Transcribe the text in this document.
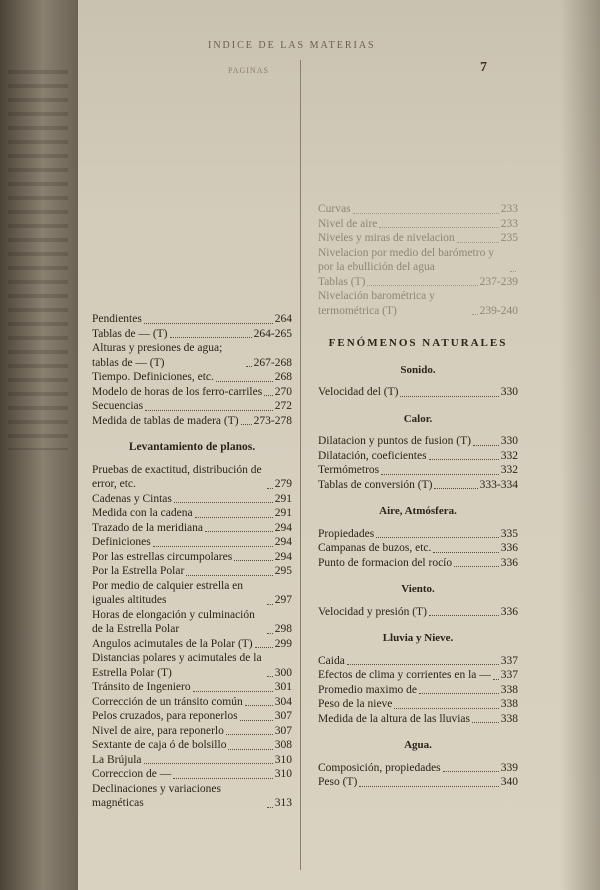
INDICE DE LAS MATERIAS
7
PAGINAS
Pendientes	264
Tablas de — (T)	264-265
Alturas y presiones de agua; tablas de — (T)	267-268
Tiempo. Definiciones, etc.	268
Modelo de horas de los ferro-carriles 270
Secuencias	272
Medida de tablas de madera (T) 273-278
Levantamiento de planos.
Pruebas de exactitud, distribución de error, etc.	279
Cadenas y Cintas	291
Medida con la cadena	291
Trazado de la meridiana	294
Definiciones	294
Por las estrellas circumpolares	294
Por la Estrella Polar	295
Por medio de calquier estrella en iguales altitudes	297
Horas de elongación y culminación de la Estrella Polar	298
Angulos acimutales de la Polar (T) 299
Distancias polares y acimutales de la Estrella Polar (T)	300
Tránsito de Ingeniero	301
Corrección de un tránsito común	304
Pelos cruzados, para reponerlos	307
Nivel de aire, para reponerlo	307
Sextante de caja ó de bolsillo	308
La Brújula	310
Correccion de —	310
Declinaciones y variaciones magnéticas	313
Curvas	233
Nivel de aire	233
Niveles y miras de nivelacion	235
Nivelacion por medio del barómetro y por la ebullición del agua
Tablas (T)	237-239
Nivelación barométrica y termométrica (T)	239-240
FENÓMENOS NATURALES
Sonido.
Velocidad del (T)	330
Calor.
Dilatacion y puntos de fusion (T)	330
Dilatación, coeficientes	332
Termómetros	332
Tablas de conversión (T)	333-334
Aire, Atmósfera.
Propiedades	335
Campanas de buzos, etc.	336
Punto de formacion del rocío	336
Viento.
Velocidad y presión (T)	336
Lluvia y Nieve.
Caida	337
Efectos de clima y corrientes en la — 337
Promedio maximo de	338
Peso de la nieve	338
Medida de la altura de las lluvias	338
Agua.
Composición, propiedades	339
Peso (T)	340
